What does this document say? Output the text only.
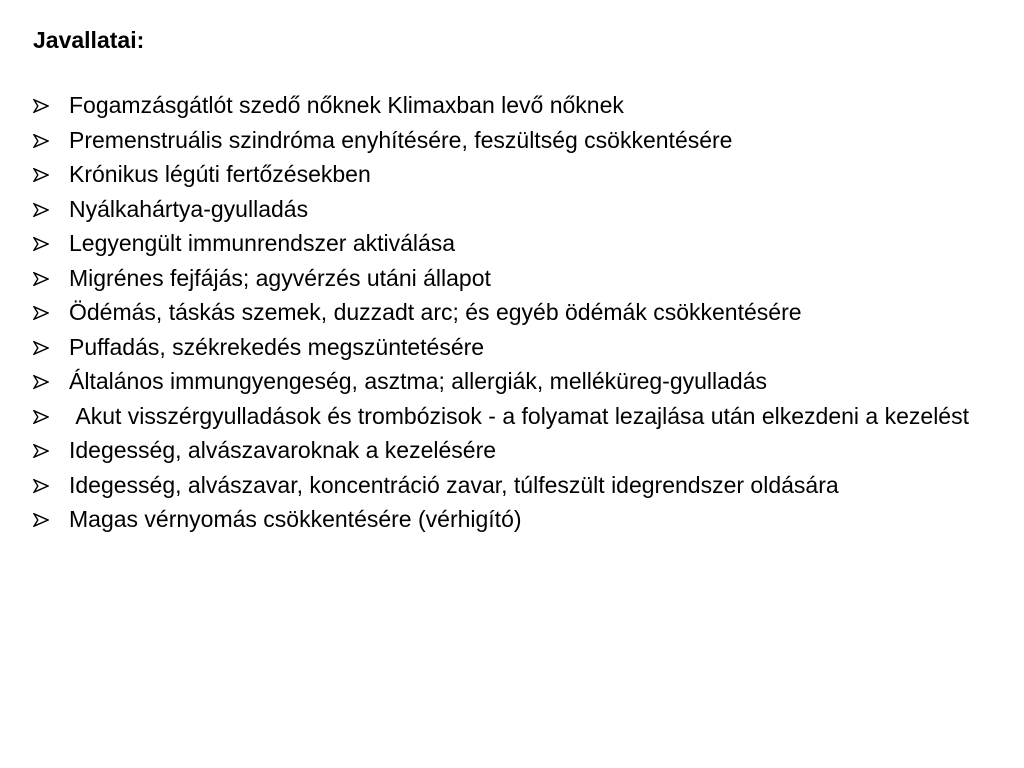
Javallatai:
Fogamzásgátlót szedő nőknek Klimaxban levő nőknek
Premenstruális szindróma enyhítésére, feszültség csökkentésére
Krónikus légúti fertőzésekben
Nyálkahártya-gyulladás
Legyengült immunrendszer aktiválása
Migrénes fejfájás; agyvérzés utáni állapot
Ödémás, táskás szemek, duzzadt arc; és egyéb ödémák csökkentésére
Puffadás, székrekedés megszüntetésére
Általános immungyengeség, asztma; allergiák, melléküreg-gyulladás
Akut visszérgyulladások és trombózisok - a folyamat lezajlása után elkezdeni a kezelést
Idegesség, alvászavaroknak a kezelésére
Idegesség, alvászavar, koncentráció zavar, túlfeszült idegrendszer oldására
Magas vérnyomás csökkentésére (vérhigító)
